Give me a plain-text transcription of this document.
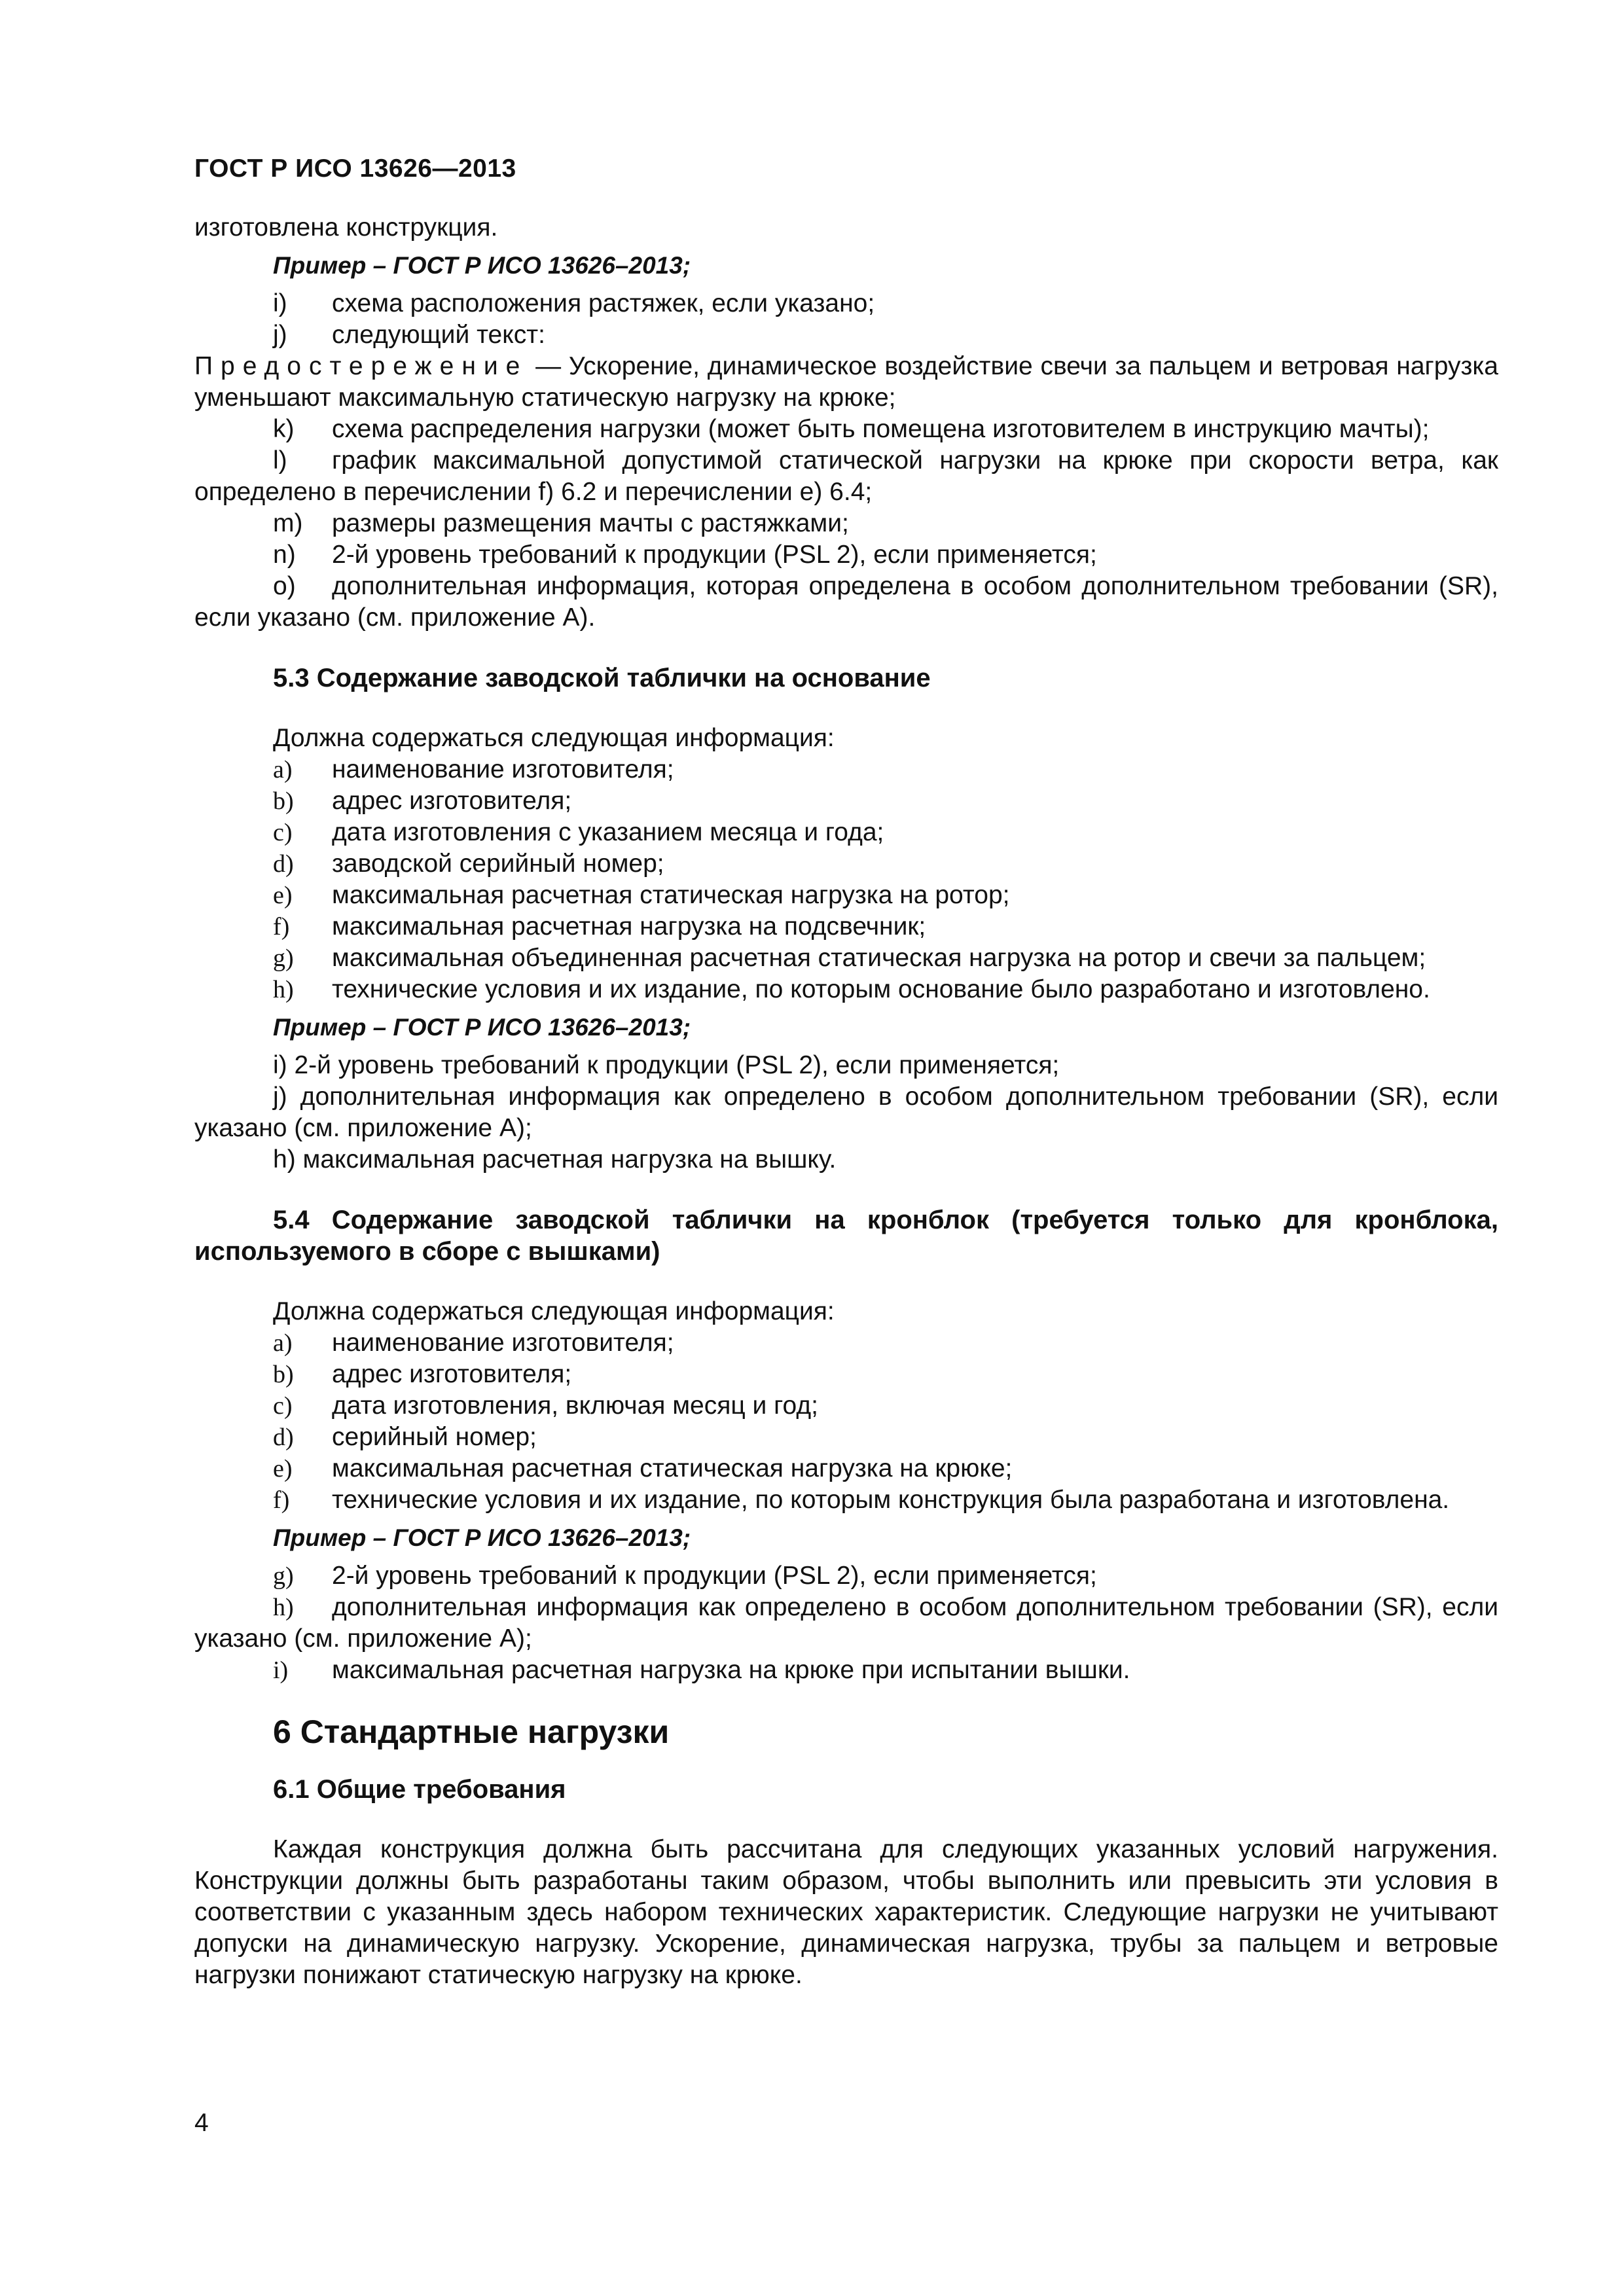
ГОСТ Р ИСО 13626—2013

изготовлена конструкция.

Пример – ГОСТ Р ИСО 13626–2013;

i)	схема расположения растяжек, если указано;
j)	следующий текст:

Предостережение — Ускорение, динамическое воздействие свечи за пальцем и ветровая нагрузка уменьшают максимальную статическую нагрузку на крюке;

k) схема распределения нагрузки (может быть помещена изготовителем в инструкцию мачты);

l) график максимальной допустимой статической нагрузки на крюке при скорости ветра, как определено в перечислении f) 6.2 и перечислении e) 6.4;

m)	размеры размещения мачты с растяжками;
n)	2-й уровень требований к продукции (PSL 2), если применяется;

o) дополнительная информация, которая определена в особом дополнительном требовании (SR), если указано (см. приложение А).

5.3 Содержание заводской таблички на основание

Должна содержаться следующая информация:

a)	наименование изготовителя;
b)	адрес изготовителя;
c)	дата изготовления с указанием месяца и года;
d)	заводской серийный номер;
e)	максимальная расчетная статическая нагрузка на ротор;
f)	максимальная расчетная нагрузка на подсвечник;
g)	максимальная объединенная расчетная статическая нагрузка на ротор и свечи за пальцем;
h)	технические условия и их издание, по которым основание было разработано и изготовлено.

Пример – ГОСТ Р ИСО 13626–2013;

i) 2-й уровень требований к продукции (PSL 2), если применяется;

j) дополнительная информация как определено в особом дополнительном требовании (SR), если указано (см. приложение А);

h) максимальная расчетная нагрузка на вышку.

5.4 Содержание заводской таблички на кронблок (требуется только для кронблока, используемого в сборе с вышками)

Должна содержаться следующая информация:

a)	наименование изготовителя;
b)	адрес изготовителя;
c)	дата изготовления, включая месяц и год;
d)	серийный номер;
e)	максимальная расчетная статическая нагрузка на крюке;

f) технические условия и их издание, по которым конструкция была разработана и изготовлена.

Пример – ГОСТ Р ИСО 13626–2013;

g)	2-й уровень требований к продукции (PSL 2), если применяется;

h) дополнительная информация как определено в особом дополнительном требовании (SR), если указано (см. приложение А);

i)	максимальная расчетная нагрузка на крюке при испытании вышки.
6 Стандартные нагрузки
6.1 Общие требования

Каждая конструкция должна быть рассчитана для следующих указанных условий нагружения. Конструкции должны быть разработаны таким образом, чтобы выполнить или превысить эти условия в соответствии с указанным здесь набором технических характеристик. Следующие нагрузки не учитывают допуски на динамическую нагрузку. Ускорение, динамическая нагрузка, трубы за пальцем и ветровые нагрузки понижают статическую нагрузку на крюке.

4
